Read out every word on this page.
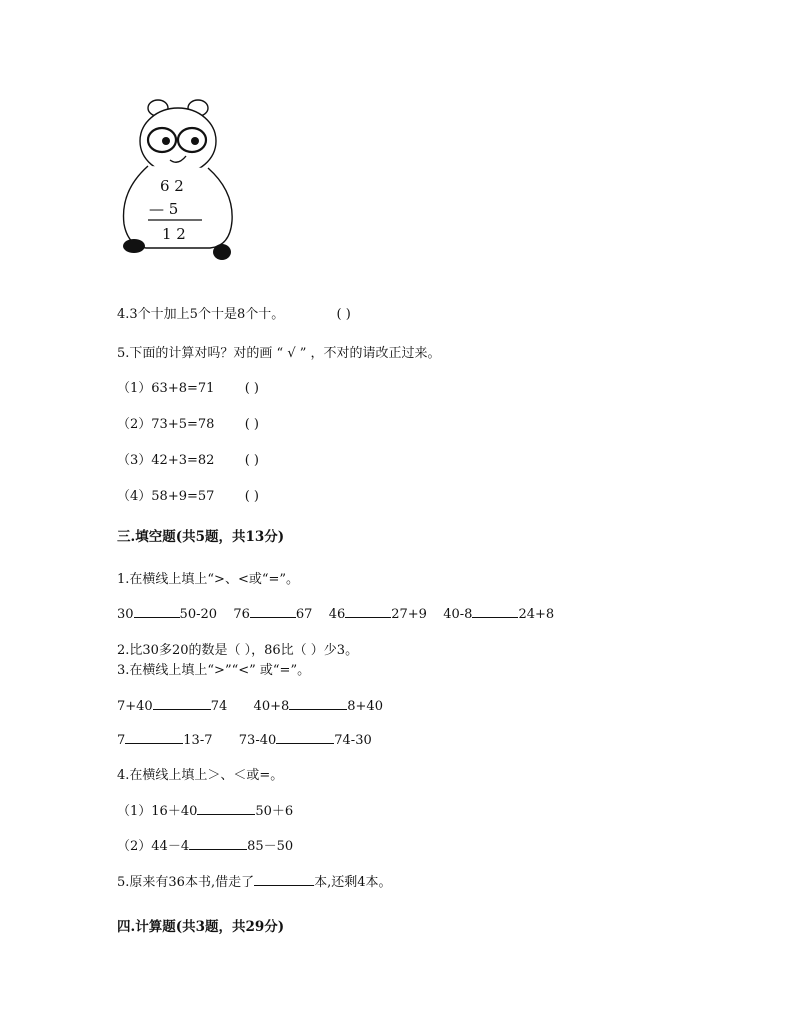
6 2
— 5
1 2
4.3个十加上5个十是8个十。	( )
5.下面的计算对吗？对的画 “ √ ” ，不对的请改正过来。
（1）63+8=71 ( )
（2）73+5=78 ( )
（3）42+3=82 ( )
（4）58+9=57 ( )
三.填空题(共5题，共13分)
1.在横线上填上“>、<或“=”。
30	50-20 76	67 46	27+9 40-8	24+8
2.比30多20的数是（ ），86比（ ）少3。
3.在横线上填上“>”“<” 或“=”。
7+40	74 40+8	8+40
7	13-7 73-40	74-30
4.在横线上填上＞、＜或=。
（1）16＋40	50＋6
（2）44－4	85－50
5.原来有36本书,借走了	本,还剩4本。
四.计算题(共3题，共29分)
